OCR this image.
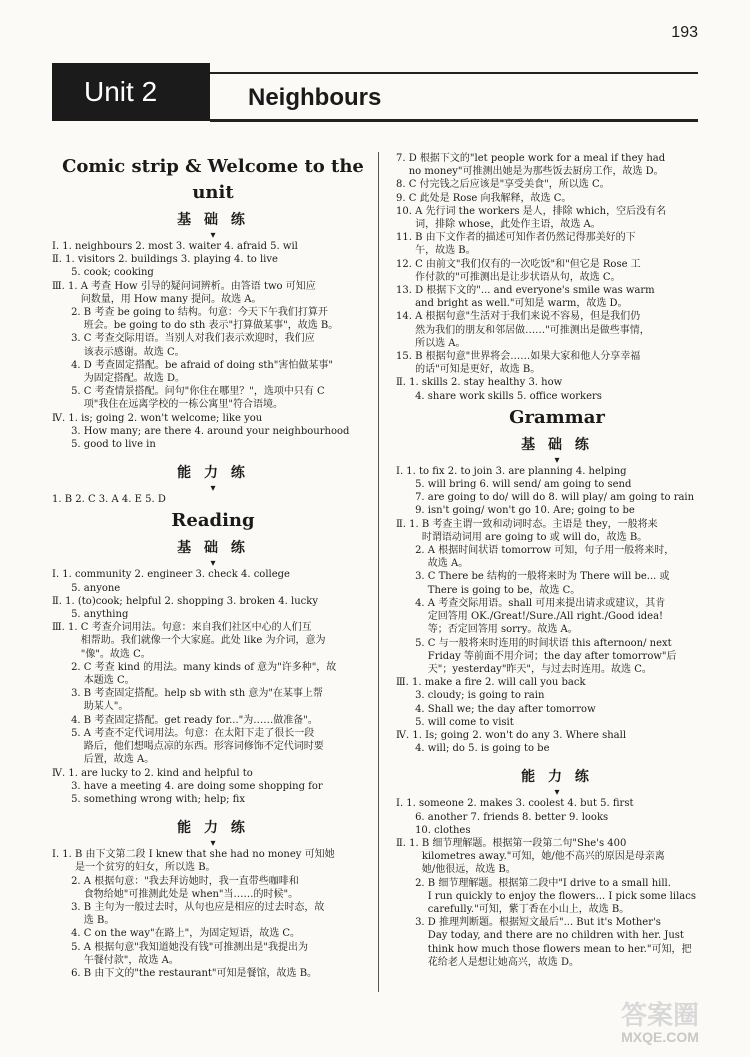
193
Unit 2	Neighbours
Comic strip & Welcome to the unit
基 础 练 ▾
Ⅰ. 1. neighbours 2. most 3. waiter 4. afraid 5. wil
Ⅱ. 1. visitors 2. buildings 3. playing 4. to live
5. cook; cooking
Ⅲ. 1. A 考查 How 引导的疑问词辨析。由答语 two 可知应
问数量，用 How many 提问。故选 A。
2. B 考查 be going to 结构。句意：今天下午我们打算开
班会。be going to do sth 表示"打算做某事"，故选 B。
3. C 考查交际用语。当别人对我们表示欢迎时，我们应
该表示感谢。故选 C。
4. D 考查固定搭配。be afraid of doing sth"害怕做某事"
为固定搭配。故选 D。
5. C 考查情景搭配。问句"你住在哪里？"，选项中只有 C
项"我住在远离学校的一栋公寓里"符合语境。
Ⅳ. 1. is; going 2. won't welcome; like you
3. How many; are there 4. around your neighbourhood
5. good to live in
能 力 练 ▾
1. B 2. C 3. A 4. E 5. D
Reading
基 础 练 ▾
Ⅰ. 1. community 2. engineer 3. check 4. college
5. anyone
Ⅱ. 1. (to)cook; helpful 2. shopping 3. broken 4. lucky
5. anything
Ⅲ. 1. C 考查介词用法。句意：来自我们社区中心的人们互
相帮助。我们就像一个大家庭。此处 like 为介词，意为
"像"。故选 C。
2. C 考查 kind 的用法。many kinds of 意为"许多种"，故
本题选 C。
3. B 考查固定搭配。help sb with sth 意为"在某事上帮
助某人"。
4. B 考查固定搭配。get ready for..."为……做准备"。
5. A 考查不定代词用法。句意：在太阳下走了很长一段
路后，他们想喝点凉的东西。形容词修饰不定代词时要
后置，故选 A。
Ⅳ. 1. are lucky to 2. kind and helpful to
3. have a meeting 4. are doing some shopping for
5. something wrong with; help; fix
能 力 练 ▾
Ⅰ. 1. B 由下文第二段 I knew that she had no money 可知她
是一个贫穷的妇女，所以选 B。
2. A 根据句意："我去拜访她时，我一直带些咖啡和
食物给她"可推测此处是 when"当……的时候"。
3. B 主句为一般过去时，从句也应是相应的过去时态，故
选 B。
4. C on the way"在路上"，为固定短语，故选 C。
5. A 根据句意"我知道她没有钱"可推测出是"我提出为
午餐付款"，故选 A。
6. B 由下文的"the restaurant"可知是餐馆，故选 B。
7. D 根据下文的"let people work for a meal if they had
no money"可推测出她是为那些饭去厨房工作，故选 D。
8. C 付完钱之后应该是"享受美食"，所以选 C。
9. C 此处是 Rose 向我解释，故选 C。
10. A 先行词 the workers 是人，排除 which，空后没有名
词，排除 whose，此处作主语，故选 A。
11. B 由下文作者的描述可知作者仍然记得那美好的下
午，故选 B。
12. C 由前文"我们仅有的一次吃饭"和"但它是 Rose 工
作付款的"可推测出是让步状语从句，故选 C。
13. D 根据下文的"... and everyone's smile was warm
and bright as well."可知是 warm，故选 D。
14. A 根据句意"生活对于我们来说不容易，但是我们仍
然为我们的朋友和邻居做……"可推测出是做些事情，
所以选 A。
15. B 根据句意"世界将会……如果大家和他人分享幸福
的话"可知是更好，故选 B。
Ⅱ. 1. skills 2. stay healthy 3. how
4. share work skills 5. office workers
Grammar
基 础 练 ▾
Ⅰ. 1. to fix 2. to join 3. are planning 4. helping
5. will bring 6. will send/ am going to send
7. are going to do/ will do 8. will play/ am going to rain
9. isn't going/ won't go 10. Are; going to be
Ⅱ. 1. B 考查主谓一致和动词时态。主语是 they，一般将来
时谓语动词用 are going to 或 will do，故选 B。
2. A 根据时间状语 tomorrow 可知，句子用一般将来时，
故选 A。
3. C There be 结构的一般将来时为 There will be... 或
There is going to be，故选 C。
4. A 考查交际用语。shall 可用来提出请求或建议，其肯
定回答用 OK./Great!/Sure./All right./Good idea!
等；否定回答用 sorry。故选 A。
5. C 与一般将来时连用的时间状语 this afternoon/ next
Friday 等前面不用介词；the day after tomorrow"后
天"；yesterday"昨天"，与过去时连用。故选 C。
Ⅲ. 1. make a fire 2. will call you back
3. cloudy; is going to rain
4. Shall we; the day after tomorrow
5. will come to visit
Ⅳ. 1. Is; going 2. won't do any 3. Where shall
4. will; do 5. is going to be
能 力 练 ▾
Ⅰ. 1. someone 2. makes 3. coolest 4. but 5. first
6. another 7. friends 8. better 9. looks
10. clothes
Ⅱ. 1. B 细节理解题。根据第一段第二句"She's 400
kilometres away."可知，她/他不高兴的原因是母亲离
她/他很远，故选 B。
2. B 细节理解题。根据第二段中"I drive to a small hill.
I run quickly to enjoy the flowers... I pick some lilacs
carefully."可知，紫丁香在小山上，故选 B。
3. D 推理判断题。根据短文最后"... But it's Mother's
Day today, and there are no children with her. Just
think how much those flowers mean to her."可知，把
花给老人是想让她高兴，故选 D。
答案圈
MXQE.COM
